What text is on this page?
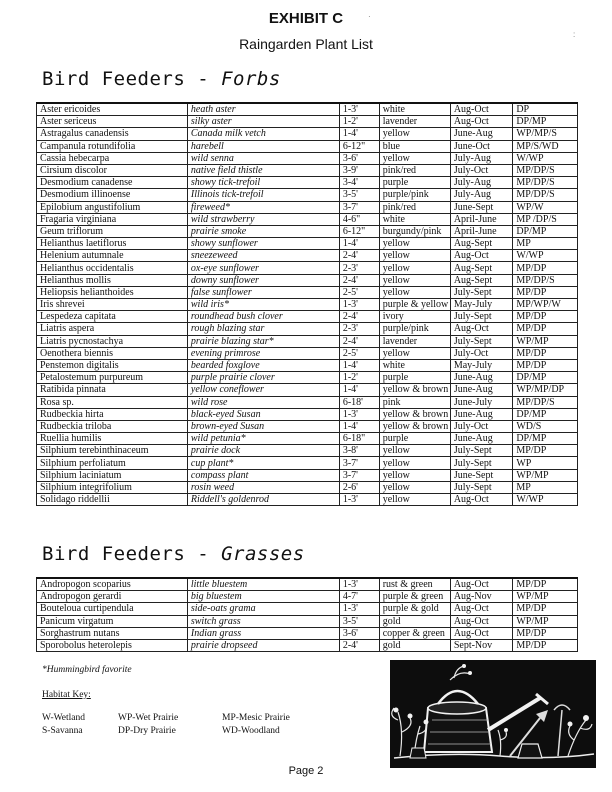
EXHIBIT C
Raingarden Plant List
·
:
Bird Feeders - Forbs
Aster ericoides	heath aster	1-3'	white	Aug-Oct	DP
Aster sericeus	silky aster	1-2'	lavender	Aug-Oct	DP/MP
Astragalus canadensis	Canada milk vetch	1-4'	yellow	June-Aug	WP/MP/S
Campanula rotundifolia	harebell	6-12"	blue	June-Oct	MP/S/WD
Cassia hebecarpa	wild senna	3-6'	yellow	July-Aug	W/WP
Cirsium discolor	native field thistle	3-9'	pink/red	July-Oct	MP/DP/S
Desmodium canadense	showy tick-trefoil	3-4'	purple	July-Aug	MP/DP/S
Desmodium illinoense	Illinois tick-trefoil	3-5'	purple/pink	July-Aug	MP/DP/S
Epilobium angustifolium	fireweed*	3-7'	pink/red	June-Sept	WP/W
Fragaria virginiana	wild strawberry	4-6"	white	April-June	MP /DP/S
Geum triflorum	prairie smoke	6-12"	burgundy/pink	April-June	DP/MP
Helianthus laetiflorus	showy sunflower	1-4'	yellow	Aug-Sept	MP
Helenium autumnale	sneezeweed	2-4'	yellow	Aug-Oct	W/WP
Helianthus occidentalis	ox-eye sunflower	2-3'	yellow	Aug-Sept	MP/DP
Helianthus mollis	downy sunflower	2-4'	yellow	Aug-Sept	MP/DP/S
Heliopsis helianthoides	false sunflower	2-5'	yellow	July-Sept	MP/DP
Iris shrevei	wild iris*	1-3'	purple & yellow	May-July	MP/WP/W
Lespedeza capitata	roundhead bush clover	2-4'	ivory	July-Sept	MP/DP
Liatris aspera	rough blazing star	2-3'	purple/pink	Aug-Oct	MP/DP
Liatris pycnostachya	prairie blazing star*	2-4'	lavender	July-Sept	WP/MP
Oenothera biennis	evening primrose	2-5'	yellow	July-Oct	MP/DP
Penstemon digitalis	bearded foxglove	1-4'	white	May-July	MP/DP
Petalostemum purpureum	purple prairie clover	1-2'	purple	June-Aug	DP/MP
Ratibida pinnata	yellow coneflower	1-4'	yellow & brown	June-Aug	WP/MP/DP
Rosa sp.	wild rose	6-18'	pink	June-July	MP/DP/S
Rudbeckia hirta	black-eyed Susan	1-3'	yellow & brown	June-Aug	DP/MP
Rudbeckia triloba	brown-eyed Susan	1-4'	yellow & brown	July-Oct	WD/S
Ruellia humilis	wild petunia*	6-18"	purple	June-Aug	DP/MP
Silphium terebinthinaceum	prairie dock	3-8'	yellow	July-Sept	MP/DP
Silphium perfoliatum	cup plant*	3-7'	yellow	July-Sept	WP
Silphium laciniatum	compass plant	3-7'	yellow	June-Sept	WP/MP
Silphium integrifolium	rosin weed	2-6'	yellow	July-Sept	MP
Solidago riddellii	Riddell's goldenrod	1-3'	yellow	Aug-Oct	W/WP
Bird Feeders - Grasses
Andropogon scoparius	little bluestem	1-3'	rust & green	Aug-Oct	MP/DP
Andropogon gerardi	big bluestem	4-7'	purple & green	Aug-Nov	WP/MP
Bouteloua curtipendula	side-oats grama	1-3'	purple & gold	Aug-Oct	MP/DP
Panicum virgatum	switch grass	3-5'	gold	Aug-Oct	WP/MP
Sorghastrum nutans	Indian grass	3-6'	copper & green	Aug-Oct	MP/DP
Sporobolus heterolepis	prairie dropseed	2-4'	gold	Sept-Nov	MP/DP
*Hummingbird favorite
Habitat Key:
W-Wetland
S-Savanna
WP-Wet Prairie
DP-Dry Prairie
MP-Mesic Prairie
WD-Woodland
Page 2
